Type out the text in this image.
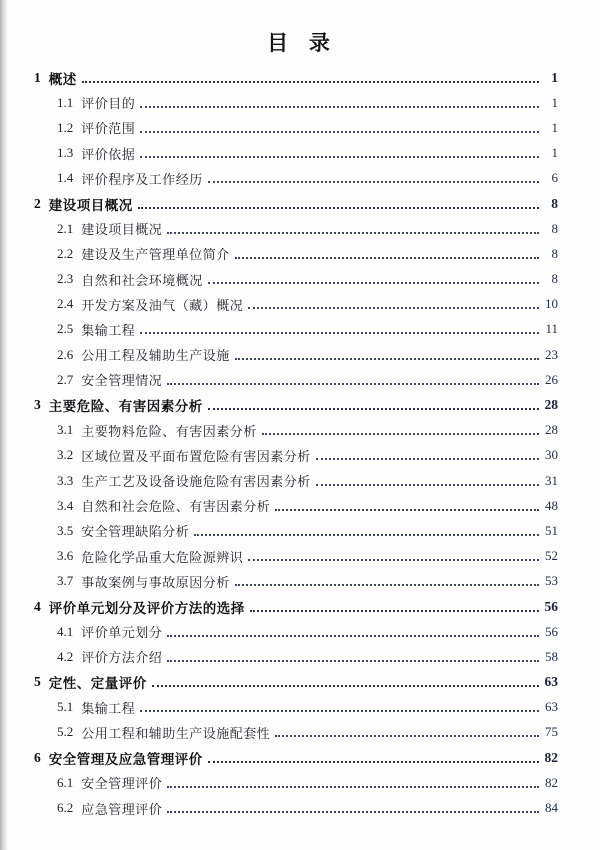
目  录
1 概述	1
1.1 评价目的	1
1.2 评价范围	1
1.3 评价依据	1
1.4 评价程序及工作经历	6
2 建设项目概况	8
2.1 建设项目概况	8
2.2 建设及生产管理单位简介	8
2.3 自然和社会环境概况	8
2.4 开发方案及油气（藏）概况	10
2.5 集输工程	11
2.6 公用工程及辅助生产设施	23
2.7 安全管理情况	26
3 主要危险、有害因素分析	28
3.1 主要物料危险、有害因素分析	28
3.2 区域位置及平面布置危险有害因素分析	30
3.3 生产工艺及设备设施危险有害因素分析	31
3.4 自然和社会危险、有害因素分析	48
3.5 安全管理缺陷分析	51
3.6 危险化学品重大危险源辨识	52
3.7 事故案例与事故原因分析	53
4 评价单元划分及评价方法的选择	56
4.1 评价单元划分	56
4.2 评价方法介绍	58
5 定性、定量评价	63
5.1 集输工程	63
5.2 公用工程和辅助生产设施配套性	75
6 安全管理及应急管理评价	82
6.1 安全管理评价	82
6.2 应急管理评价	84
